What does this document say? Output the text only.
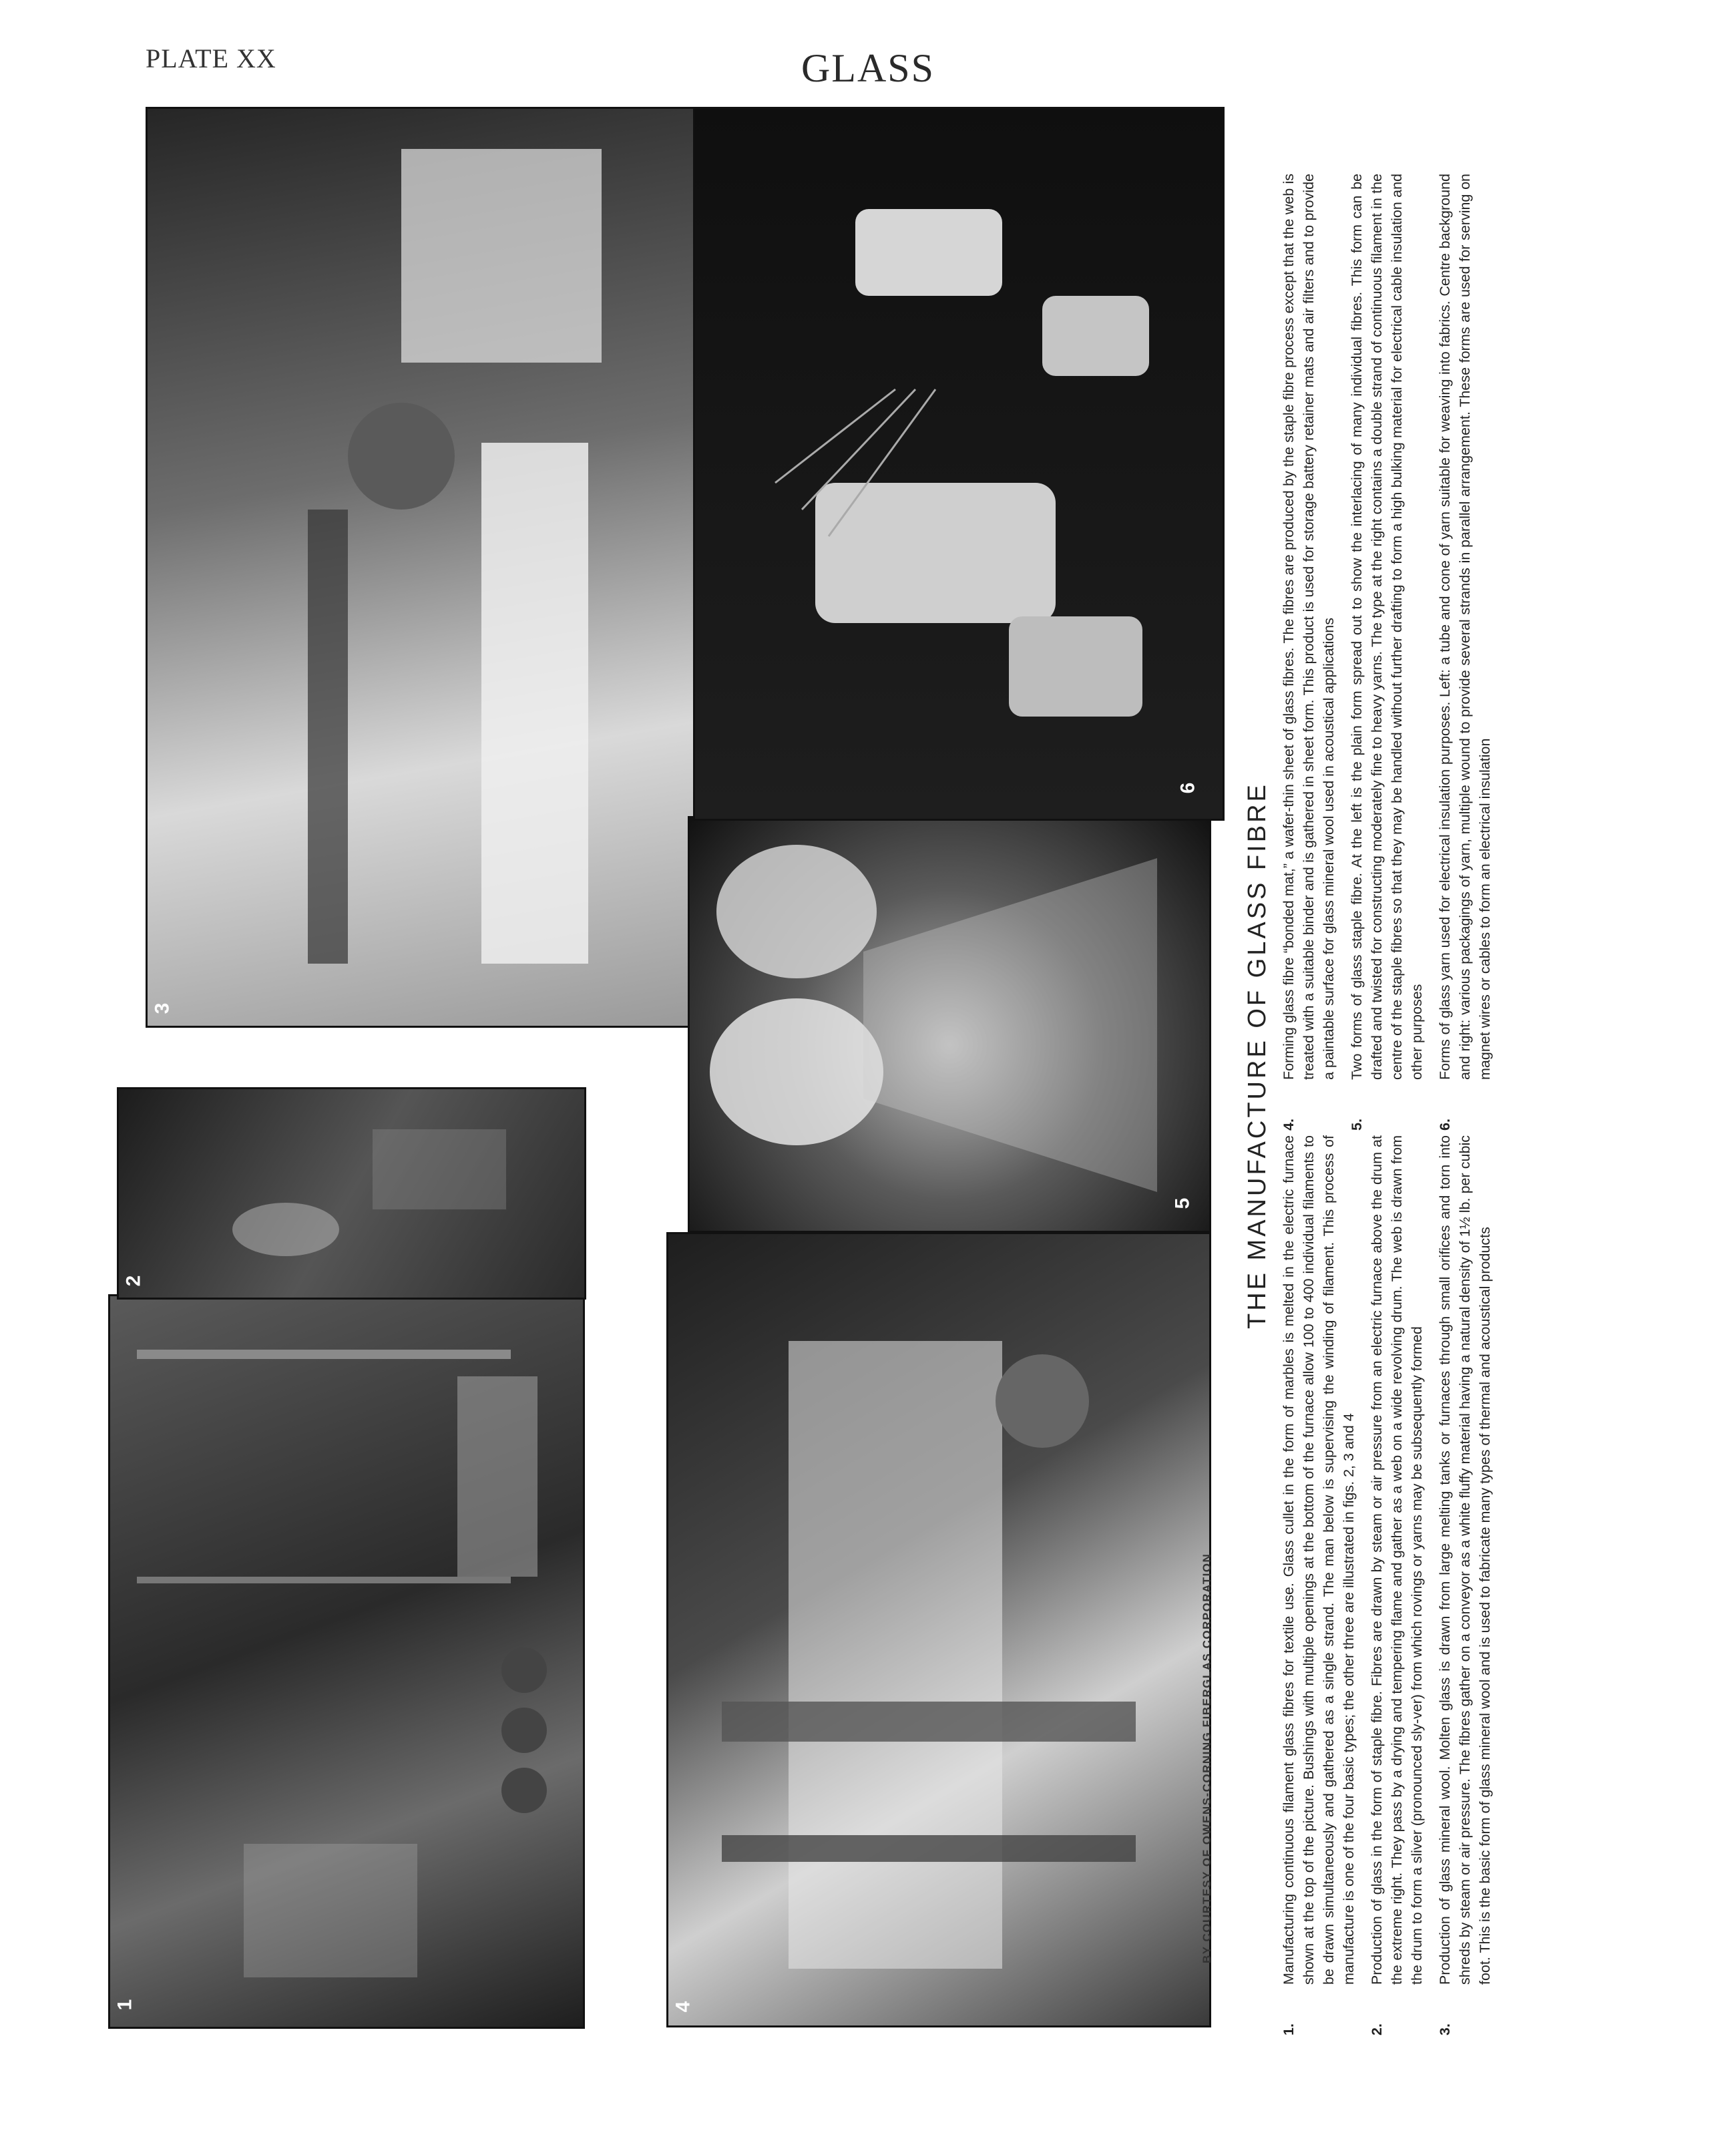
PLATE XX	GLASS
1
2
3
4
5
6
BY COURTESY OF OWENS-CORNING FIBERGLAS CORPORATION
THE MANUFACTURE OF GLASS FIBRE

1.Manufacturing continuous filament glass fibres for textile use. Glass cullet in the form of marbles is melted in the electric furnace shown at the top of the picture. Bushings with multiple openings at the bottom of the furnace allow 100 to 400 individual filaments to be drawn simultaneously and gathered as a single strand. The man below is supervising the winding of filament. This process of manufacture is one of the four basic types; the other three are illustrated in figs. 2, 3 and 4

2.Production of glass in the form of staple fibre. Fibres are drawn by steam or air pressure from an electric furnace above the drum at the extreme right. They pass by a drying and tempering flame and gather as a web on a wide revolving drum. The web is drawn from the drum to form a sliver (pronounced sly-ver) from which rovings or yarns may be subsequently formed

3.Production of glass mineral wool. Molten glass is drawn from large melting tanks or furnaces through small orifices and torn into shreds by steam or air pressure. The fibres gather on a conveyor as a white fluffy material having a natural density of 1½ lb. per cubic foot. This is the basic form of glass mineral wool and is used to fabricate many types of thermal and acoustical products

4.Forming glass fibre “bonded mat,” a wafer-thin sheet of glass fibres. The fibres are produced by the staple fibre process except that the web is treated with a suitable binder and is gathered in sheet form. This product is used for storage battery retainer mats and air filters and to provide a paintable surface for glass mineral wool used in acoustical applications

5.Two forms of glass staple fibre. At the left is the plain form spread out to show the interlacing of many individual fibres. This form can be drafted and twisted for constructing moderately fine to heavy yarns. The type at the right contains a double strand of continuous filament in the centre of the staple fibres so that they may be handled without further drafting to form a high bulking material for electrical cable insulation and other purposes

6.Forms of glass yarn used for electrical insulation purposes. Left: a tube and cone of yarn suitable for weaving into fabrics. Centre background and right: various packagings of yarn, multiple wound to provide several strands in parallel arrangement. These forms are used for serving on magnet wires or cables to form an electrical insulation
